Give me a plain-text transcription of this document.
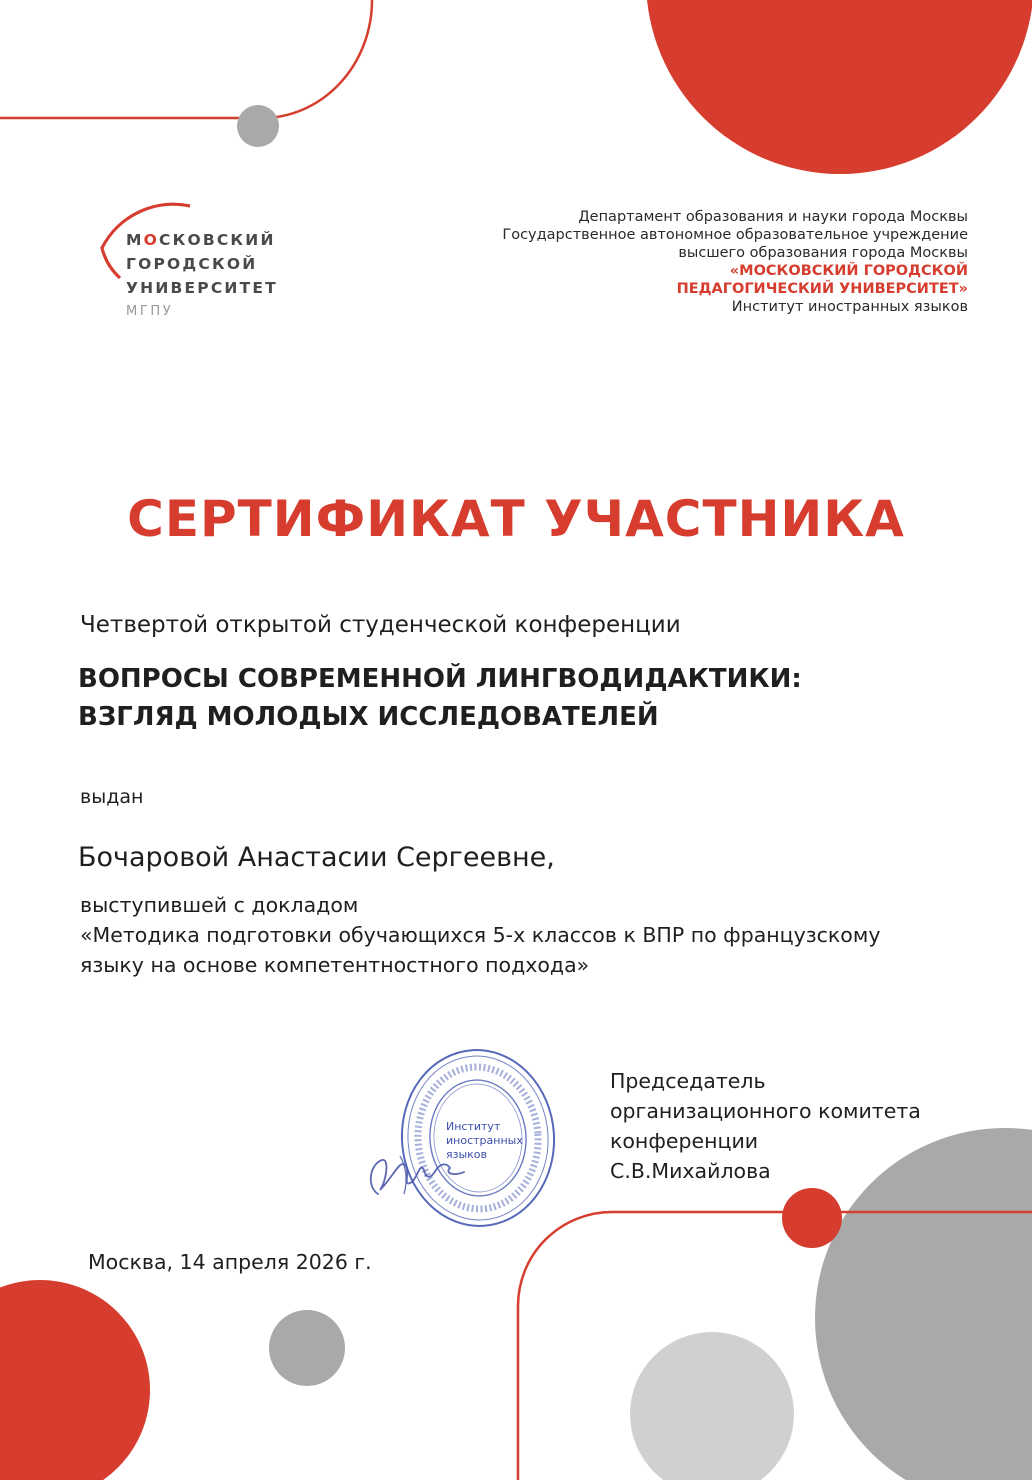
МОСКОВСКИЙ
ГОРОДСКОЙ
УНИВЕРСИТЕТ
МГПУ
Департамент образования и науки города Москвы
Государственное автономное образовательное учреждение
высшего образования города Москвы
«МОСКОВСКИЙ ГОРОДСКОЙ
ПЕДАГОГИЧЕСКИЙ УНИВЕРСИТЕТ»
Институт иностранных языков
СЕРТИФИКАТ УЧАСТНИКА
Четвертой открытой студенческой конференции
ВОПРОСЫ СОВРЕМЕННОЙ ЛИНГВОДИДАКТИКИ:
ВЗГЛЯД МОЛОДЫХ ИССЛЕДОВАТЕЛЕЙ
выдан
Бочаровой Анастасии Сергеевне,
выступившей с докладом
«Методика подготовки обучающихся 5-х классов к ВПР по французскому
языку на основе компетентностного подхода»
Институт
иностранных
языков
Председатель
организационного комитета
конференции
С.В.Михайлова
Москва, 14 апреля 2026 г.
